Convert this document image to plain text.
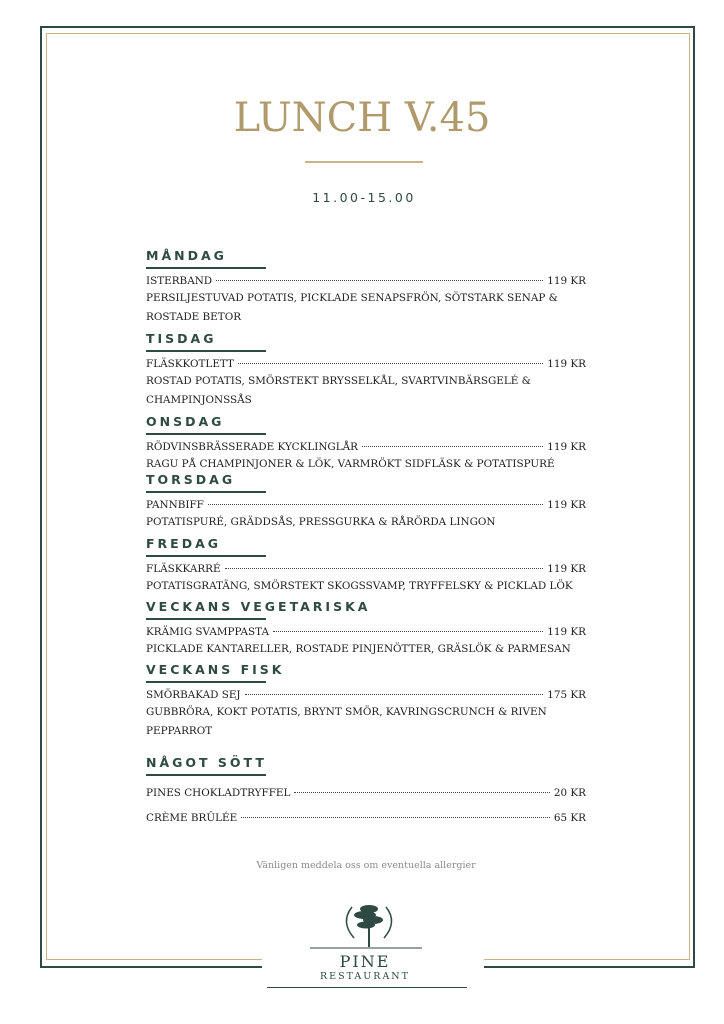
LUNCH V.45
11.00-15.00
MÅNDAG
ISTERBAND	119 KR
PERSILJESTUVAD POTATIS, PICKLADE SENAPSFRÖN, SÖTSTARK SENAP & ROSTADE BETOR
TISDAG
FLÄSKKOTLETT	119 KR
ROSTAD POTATIS, SMÖRSTEKT BRYSSELKÅL, SVARTVINBÄRSGELÉ & CHAMPINJONSSÅS
ONSDAG
RÖDVINSBRÄSSERADE KYCKLINGLÅR	119 KR
RAGU PÅ CHAMPINJONER & LÖK, VARMRÖKT SIDFLÄSK & POTATISPURÉ
TORSDAG
PANNBIFF	119 KR
POTATISPURÉ, GRÄDDSÅS, PRESSGURKA & RÅRÖRDA LINGON
FREDAG
FLÄSKKARRÉ	119 KR
POTATISGRATÄNG, SMÖRSTEKT SKOGSSVAMP, TRYFFELSKY & PICKLAD LÖK
VECKANS VEGETARISKA
KRÄMIG SVAMPPASTA	119 KR
PICKLADE KANTARELLER, ROSTADE PINJENÖTTER, GRÄSLÖK & PARMESAN
VECKANS FISK
SMÖRBAKAD SEJ	175 KR
GUBBRÖRA, KOKT POTATIS, BRYNT SMÖR, KAVRINGSCRUNCH & RIVEN PEPPARROT
NÅGOT SÖTT
PINES CHOKLADTRYFFEL	20 KR
CRÈME BRÛLÉE	65 KR
Vänligen meddela oss om eventuella allergier
PINE
RESTAURANT
